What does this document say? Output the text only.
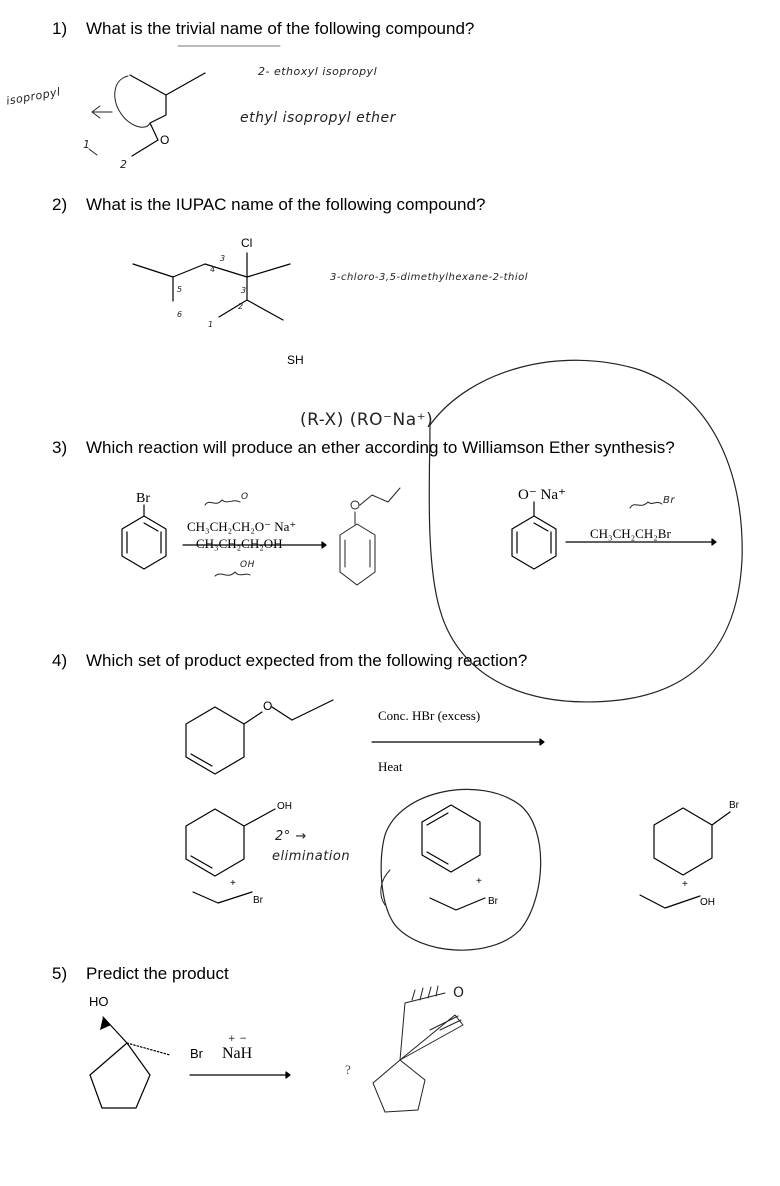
1) What is the trivial name of the following compound?
2) What is the IUPAC name of the following compound?
3) Which reaction will produce an ether according to Williamson Ether synthesis?
4) Which set of product expected from the following reaction?
5) Predict the product
O
isopropyl
1
2
2- ethoxyl isopropyl
ethyl isopropyl ether
Cl
SH
1
2
3
4
5
6
3
3-chloro-3,5-dimethylhexane-2-thiol
(R-X) (RO⁻Na⁺)
Br
CH₃CH₂CH₂O⁻ Na⁺
CH₃CH₂CH₂OH
OH
O	O⁻ Na⁺
CH₃CH₂CH₂Br
Br
O
Conc. HBr (excess)
Heat
OH
+
Br
2° →
elimination
+
Br
Br
+
OH
HO
Br NaH
+ −
?
O
